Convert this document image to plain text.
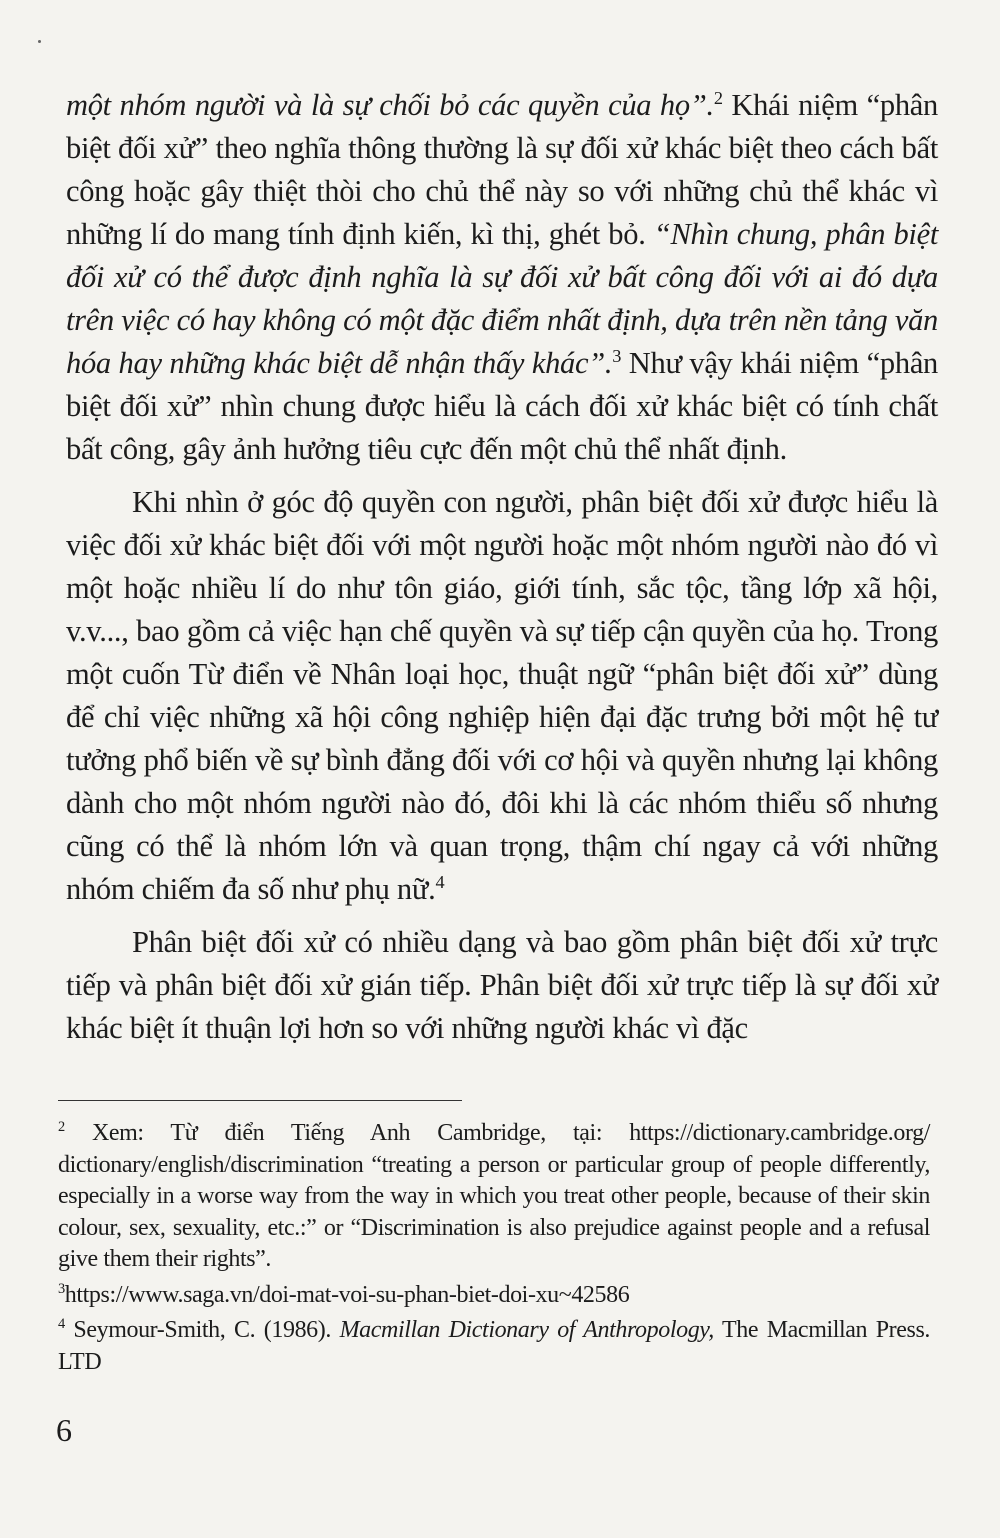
một nhóm người và là sự chối bỏ các quyền của họ”.$^2$ Khái niệm “phân biệt đối xử” theo nghĩa thông thường là sự đối xử khác biệt theo cách bất công hoặc gây thiệt thòi cho chủ thể này so với những chủ thể khác vì những lí do mang tính định kiến, kì thị, ghét bỏ. “Nhìn chung, phân biệt đối xử có thể được định nghĩa là sự đối xử bất công đối với ai đó dựa trên việc có hay không có một đặc điểm nhất định, dựa trên nền tảng văn hóa hay những khác biệt dễ nhận thấy khác”.$^3$ Như vậy khái niệm “phân biệt đối xử” nhìn chung được hiểu là cách đối xử khác biệt có tính chất bất công, gây ảnh hưởng tiêu cực đến một chủ thể nhất định.

Khi nhìn ở góc độ quyền con người, phân biệt đối xử được hiểu là việc đối xử khác biệt đối với một người hoặc một nhóm người nào đó vì một hoặc nhiều lí do như tôn giáo, giới tính, sắc tộc, tầng lớp xã hội, v.v..., bao gồm cả việc hạn chế quyền và sự tiếp cận quyền của họ. Trong một cuốn Từ điển về Nhân loại học, thuật ngữ “phân biệt đối xử” dùng để chỉ việc những xã hội công nghiệp hiện đại đặc trưng bởi một hệ tư tưởng phổ biến về sự bình đẳng đối với cơ hội và quyền nhưng lại không dành cho một nhóm người nào đó, đôi khi là các nhóm thiểu số nhưng cũng có thể là nhóm lớn và quan trọng, thậm chí ngay cả với những nhóm chiếm đa số như phụ nữ.$^4$

Phân biệt đối xử có nhiều dạng và bao gồm phân biệt đối xử trực tiếp và phân biệt đối xử gián tiếp. Phân biệt đối xử trực tiếp là sự đối xử khác biệt ít thuận lợi hơn so với những người khác vì đặc

$^2$ Xem: Từ điển Tiếng Anh Cambridge, tại: https://dictionary.cambridge.org/ dictionary/english/discrimination “treating a person or particular group of people differently, especially in a worse way from the way in which you treat other people, because of their skin colour, sex, sexuality, etc.:” or “Discrimination is also prejudice against people and a refusal give them their rights”.
$^3$https://www.saga.vn/doi-mat-voi-su-phan-biet-doi-xu~42586
$^4$ Seymour-Smith, C. (1986). Macmillan Dictionary of Anthropology, The Macmillan Press. LTD
6
